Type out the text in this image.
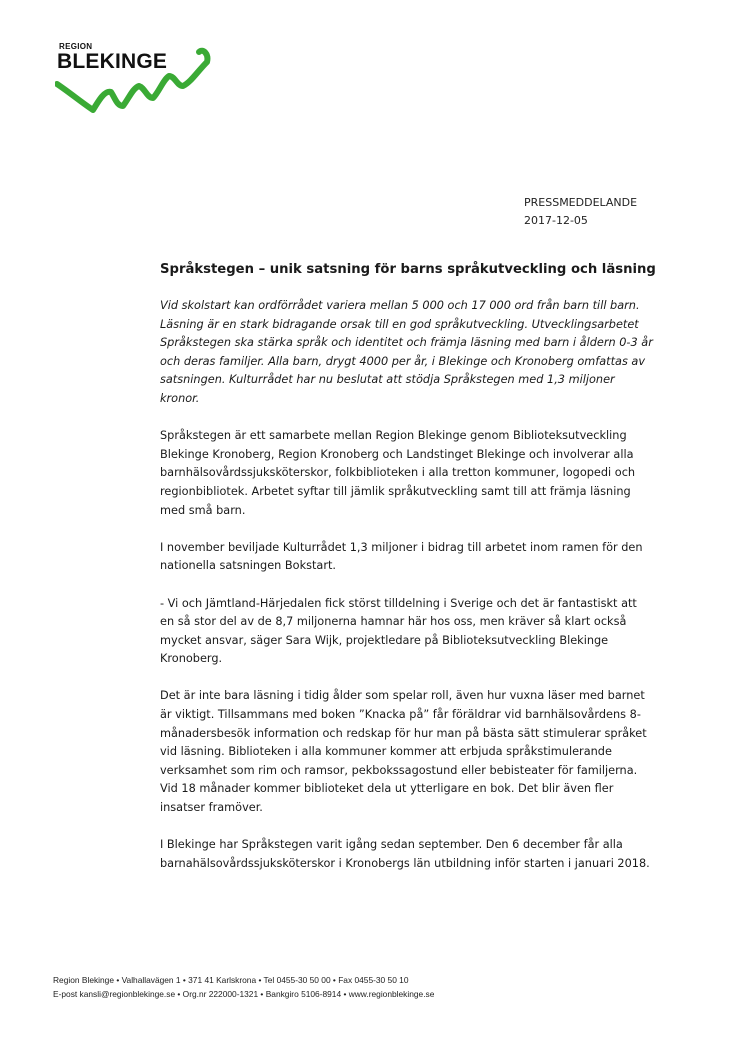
REGION
BLEKINGE
PRESSMEDDELANDE
2017-12-05
Språkstegen – unik satsning för barns språkutveckling och läsning

Vid skolstart kan ordförrådet variera mellan 5 000 och 17 000 ord från barn till barn.
Läsning är en stark bidragande orsak till en god språkutveckling. Utvecklingsarbetet
Språkstegen ska stärka språk och identitet och främja läsning med barn i åldern 0-3 år
och deras familjer. Alla barn, drygt 4000 per år, i Blekinge och Kronoberg omfattas av
satsningen. Kulturrådet har nu beslutat att stödja Språkstegen med 1,3 miljoner
kronor.

Språkstegen är ett samarbete mellan Region Blekinge genom Biblioteksutveckling
Blekinge Kronoberg, Region Kronoberg och Landstinget Blekinge och involverar alla
barnhälsovårdssjuksköterskor, folkbiblioteken i alla tretton kommuner, logopedi och
regionbibliotek. Arbetet syftar till jämlik språkutveckling samt till att främja läsning
med små barn.

I november beviljade Kulturrådet 1,3 miljoner i bidrag till arbetet inom ramen för den
nationella satsningen Bokstart.

- Vi och Jämtland-Härjedalen fick störst tilldelning i Sverige och det är fantastiskt att
en så stor del av de 8,7 miljonerna hamnar här hos oss, men kräver så klart också
mycket ansvar, säger Sara Wijk, projektledare på Biblioteksutveckling Blekinge
Kronoberg.

Det är inte bara läsning i tidig ålder som spelar roll, även hur vuxna läser med barnet
är viktigt. Tillsammans med boken ”Knacka på” får föräldrar vid barnhälsovårdens 8-
månadersbesök information och redskap för hur man på bästa sätt stimulerar språket
vid läsning. Biblioteken i alla kommuner kommer att erbjuda språkstimulerande
verksamhet som rim och ramsor, pekbokssagostund eller bebisteater för familjerna.
Vid 18 månader kommer biblioteket dela ut ytterligare en bok. Det blir även fler
insatser framöver.

I Blekinge har Språkstegen varit igång sedan september. Den 6 december får alla
barnahälsovårdssjuksköterskor i Kronobergs län utbildning inför starten i januari 2018.

Region Blekinge • Valhallavägen 1 • 371 41 Karlskrona • Tel 0455-30 50 00 • Fax 0455-30 50 10
E-post kansli@regionblekinge.se • Org.nr 222000-1321 • Bankgiro 5106-8914 • www.regionblekinge.se
